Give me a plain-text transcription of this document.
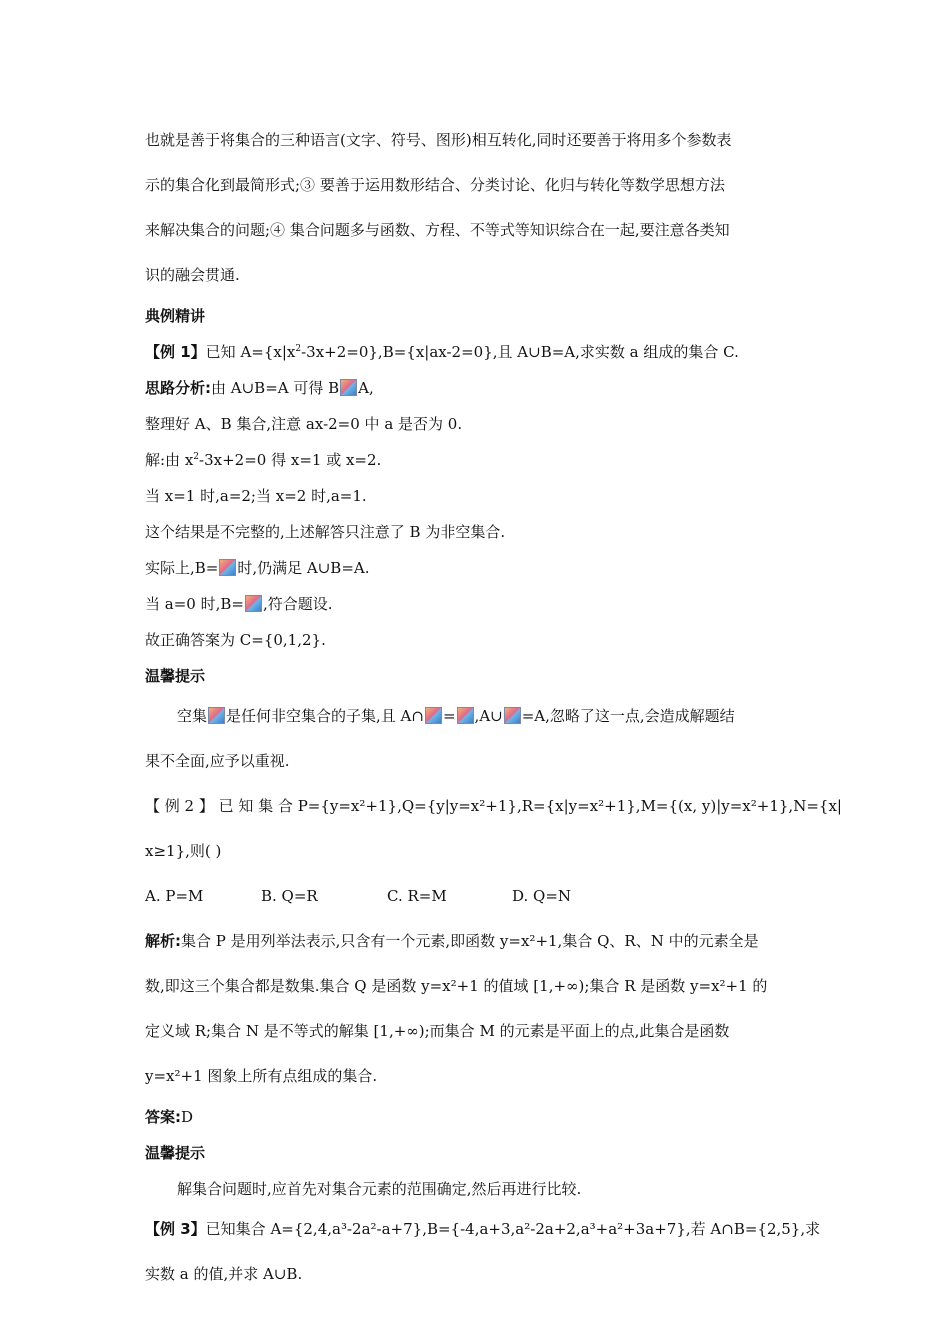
也就是善于将集合的三种语言(文字、符号、图形)相互转化,同时还要善于将用多个参数表
示的集合化到最简形式;③ 要善于运用数形结合、分类讨论、化归与转化等数学思想方法
来解决集合的问题;④ 集合问题多与函数、方程、不等式等知识综合在一起,要注意各类知
识的融会贯通.
典例精讲
【例 1】已知 $A=\{x|x^2-3x+2=0\},B=\{x|ax-2=0\}$,且 A∪B=A,求实数 a 组成的集合 C.
思路分析:由 A∪B=A 可得 B A,
整理好 A、B 集合,注意 ax-2=0 中 a 是否为 0.
解:由 $x^2-3x+2=0$ 得 x=1 或 x=2.
当 x=1 时,a=2;当 x=2 时,a=1.
这个结果是不完整的,上述解答只注意了 B 为非空集合.
实际上,B= 时,仍满足 A∪B=A.
当 a=0 时,B= ,符合题设.
故正确答案为 C={0,1,2}.
温馨提示
空集 是任何非空集合的子集,且 A∩ = ,A∪ =A,忽略了这一点,会造成解题结
果不全面,应予以重视.
【 例 2 】 已 知 集 合 P={y=x²+1},Q={y|y=x²+1},R={x|y=x²+1},M={(x, y)|y=x²+1},N={x|
x≥1},则( )
A. P=M	B. Q=R	C. R=M	D. Q=N
解析:集合 P 是用列举法表示,只含有一个元素,即函数 y=x²+1,集合 Q、R、N 中的元素全是
数,即这三个集合都是数集.集合 Q 是函数 y=x²+1 的值域 [1,+∞);集合 R 是函数 y=x²+1 的
定义域 R;集合 N 是不等式的解集 [1,+∞);而集合 M 的元素是平面上的点,此集合是函数
y=x²+1 图象上所有点组成的集合.
答案:D
温馨提示
解集合问题时,应首先对集合元素的范围确定,然后再进行比较.
【例 3】已知集合 A={2,4,a³-2a²-a+7},B={-4,a+3,a²-2a+2,a³+a²+3a+7},若 A∩B={2,5},求
实数 a 的值,并求 A∪B.
